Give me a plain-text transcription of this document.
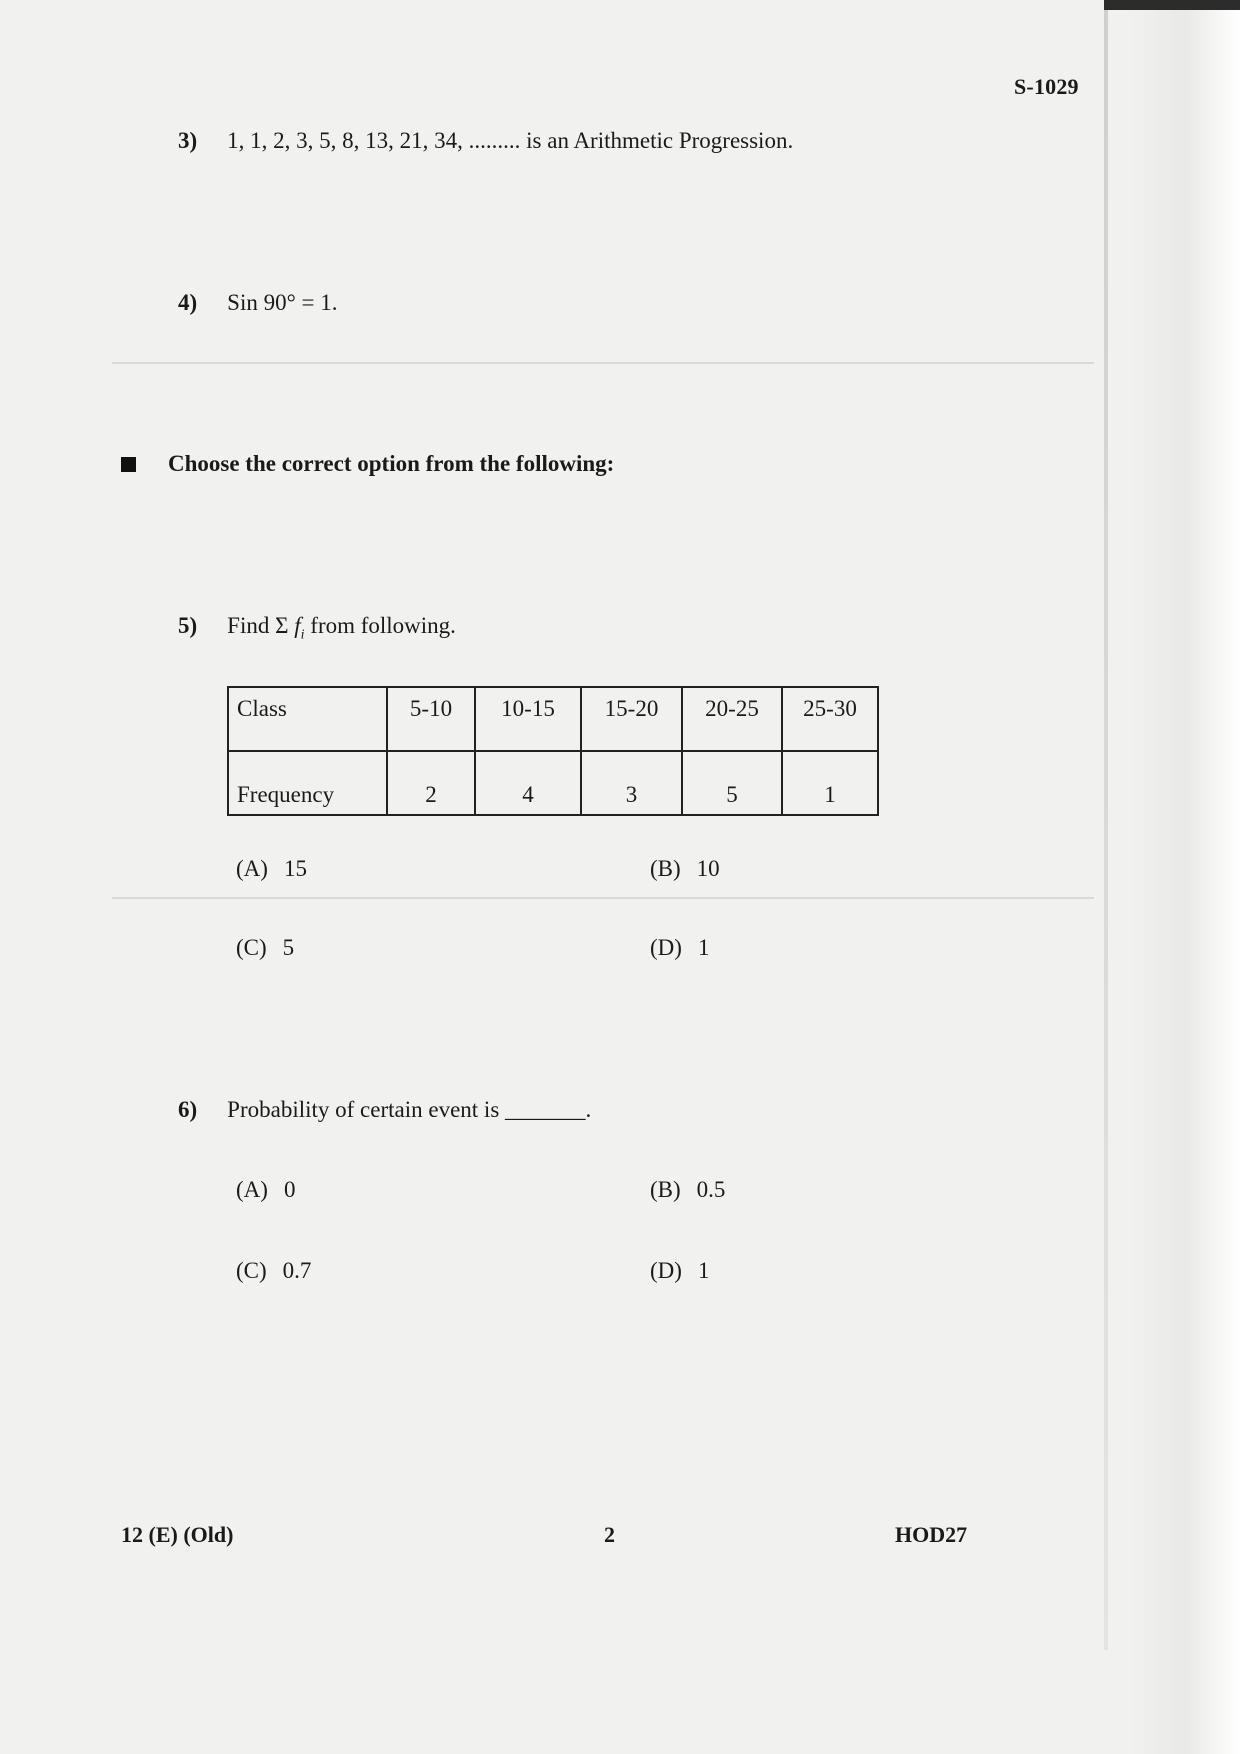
S-1029
3) 1, 1, 2, 3, 5, 8, 13, 21, 34, ......... is an Arithmetic Progression.
4) Sin 90° = 1.
Choose the correct option from the following:
5) Find Σ $f_i$ from following.
Class	5-10	10-15	15-20	20-25	25-30
Frequency	2	4	3	5	1
(A) 15	(B) 10
(C) 5	(D) 1
6) Probability of certain event is _______.
(A) 0	(B) 0.5
(C) 0.7	(D) 1
12 (E) (Old)	2	HOD27
